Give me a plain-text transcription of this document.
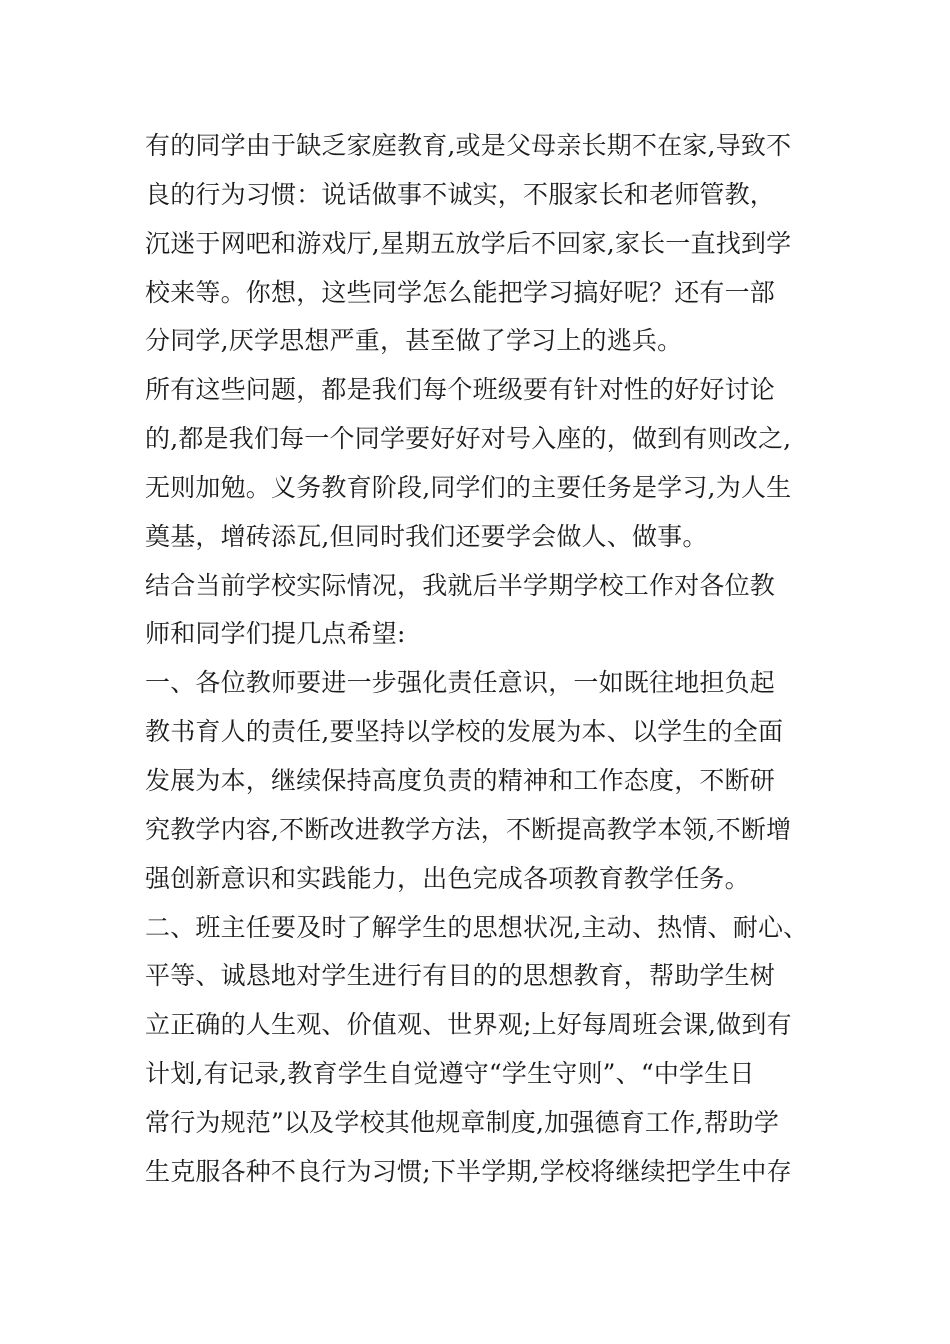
有的同学由于缺乏家庭教育,或是父母亲长期不在家,导致不
良的行为习惯：说话做事不诚实，不服家长和老师管教，
沉迷于网吧和游戏厅,星期五放学后不回家,家长一直找到学
校来等。你想，这些同学怎么能把学习搞好呢？还有一部
分同学,厌学思想严重，甚至做了学习上的逃兵。
所有这些问题，都是我们每个班级要有针对性的好好讨论
的,都是我们每一个同学要好好对号入座的，做到有则改之,
无则加勉。义务教育阶段,同学们的主要任务是学习,为人生
奠基，增砖添瓦,但同时我们还要学会做人、做事。
结合当前学校实际情况，我就后半学期学校工作对各位教
师和同学们提几点希望:
一、各位教师要进一步强化责任意识，一如既往地担负起
教书育人的责任,要坚持以学校的发展为本、以学生的全面
发展为本，继续保持高度负责的精神和工作态度，不断研
究教学内容,不断改进教学方法，不断提高教学本领,不断增
强创新意识和实践能力，出色完成各项教育教学任务。
二、班主任要及时了解学生的思想状况,主动、热情、耐心、
平等、诚恳地对学生进行有目的的思想教育，帮助学生树
立正确的人生观、价值观、世界观;上好每周班会课,做到有
计划,有记录,教育学生自觉遵守“学生守则”、“中学生日
常行为规范”以及学校其他规章制度,加强德育工作,帮助学
生克服各种不良行为习惯;下半学期,学校将继续把学生中存
